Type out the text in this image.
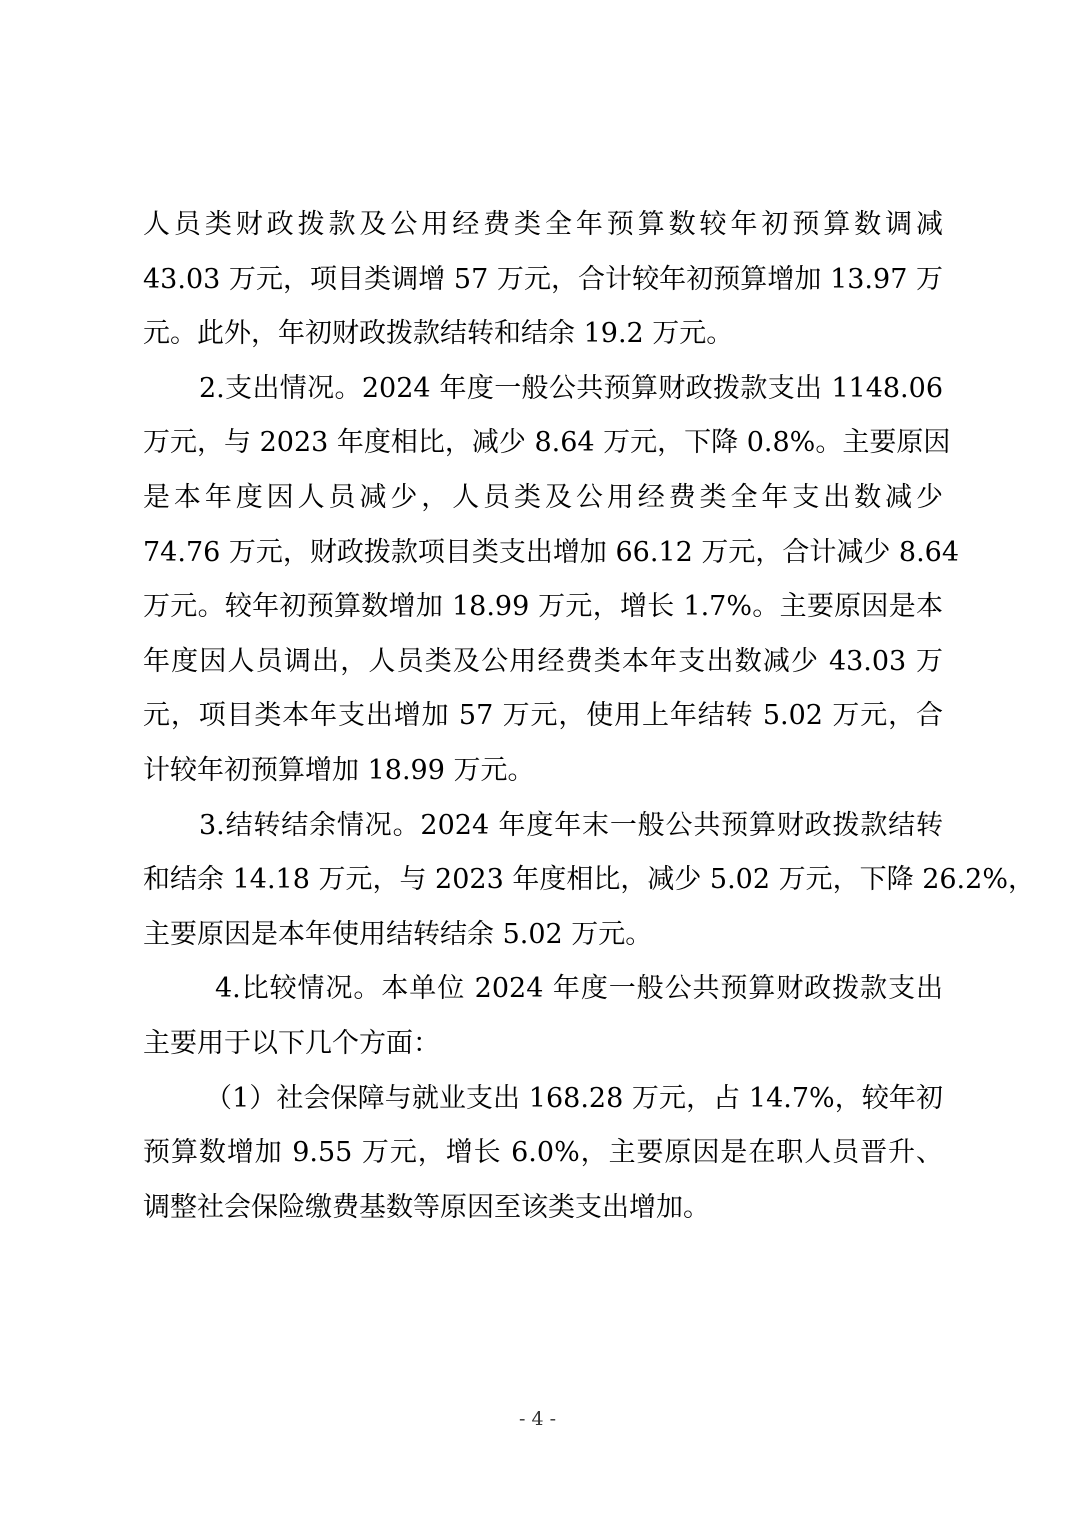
人员类财政拨款及公用经费类全年预算数较年初预算数调减
43.03 万元，项目类调增 57 万元，合计较年初预算增加 13.97 万
元。此外，年初财政拨款结转和结余 19.2 万元。
2.支出情况。2024 年度一般公共预算财政拨款支出 1148.06
万元，与 2023 年度相比，减少 8.64 万元，下降 0.8%。主要原因
是本年度因人员减少，人员类及公用经费类全年支出数减少
74.76 万元，财政拨款项目类支出增加 66.12 万元，合计减少 8.64
万元。较年初预算数增加 18.99 万元，增长 1.7%。主要原因是本
年度因人员调出，人员类及公用经费类本年支出数减少 43.03 万
元，项目类本年支出增加 57 万元，使用上年结转 5.02 万元，合
计较年初预算增加 18.99 万元。
3.结转结余情况。2024 年度年末一般公共预算财政拨款结转
和结余 14.18 万元，与 2023 年度相比，减少 5.02 万元，下降 26.2%，
主要原因是本年使用结转结余 5.02 万元。
4.比较情况。本单位 2024 年度一般公共预算财政拨款支出
主要用于以下几个方面：
（1）社会保障与就业支出 168.28 万元，占 14.7%，较年初
预算数增加 9.55 万元，增长 6.0%，主要原因是在职人员晋升、
调整社会保险缴费基数等原因至该类支出增加。
- 4 -
